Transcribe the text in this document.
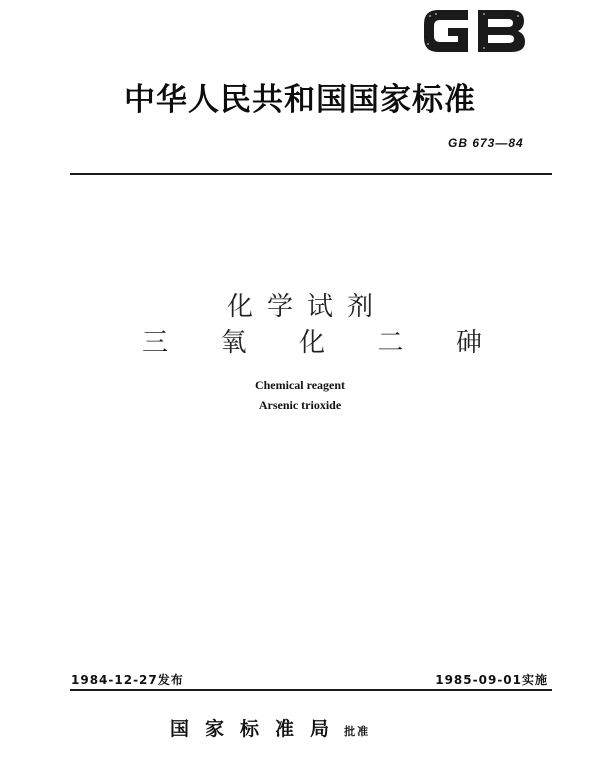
中华人民共和国国家标准
GB 673—84
化学试剂
三 氧 化 二 砷
Chemical reagent
Arsenic trioxide
1984-12-27发布	1985-09-01实施
国家标准局 批准
